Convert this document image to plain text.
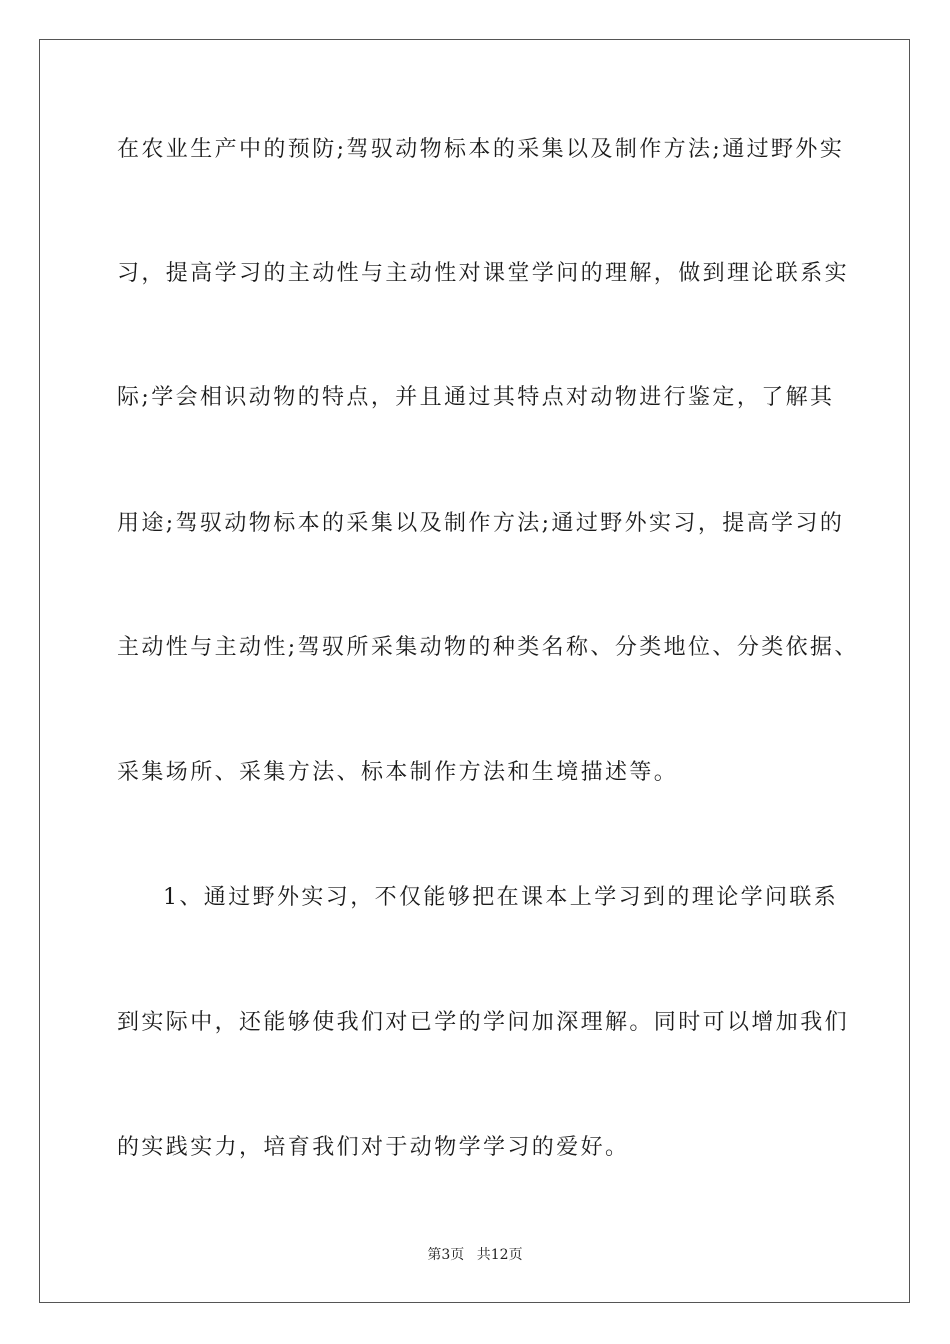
在农业生产中的预防;驾驭动物标本的采集以及制作方法;通过野外实
习，提高学习的主动性与主动性对课堂学问的理解，做到理论联系实
际;学会相识动物的特点，并且通过其特点对动物进行鉴定，了解其
用途;驾驭动物标本的采集以及制作方法;通过野外实习，提高学习的
主动性与主动性;驾驭所采集动物的种类名称、分类地位、分类依据、
采集场所、采集方法、标本制作方法和生境描述等。
1、通过野外实习，不仅能够把在课本上学习到的理论学问联系
到实际中，还能够使我们对已学的学问加深理解。同时可以增加我们
的实践实力，培育我们对于动物学学习的爱好。
第3页 共12页
